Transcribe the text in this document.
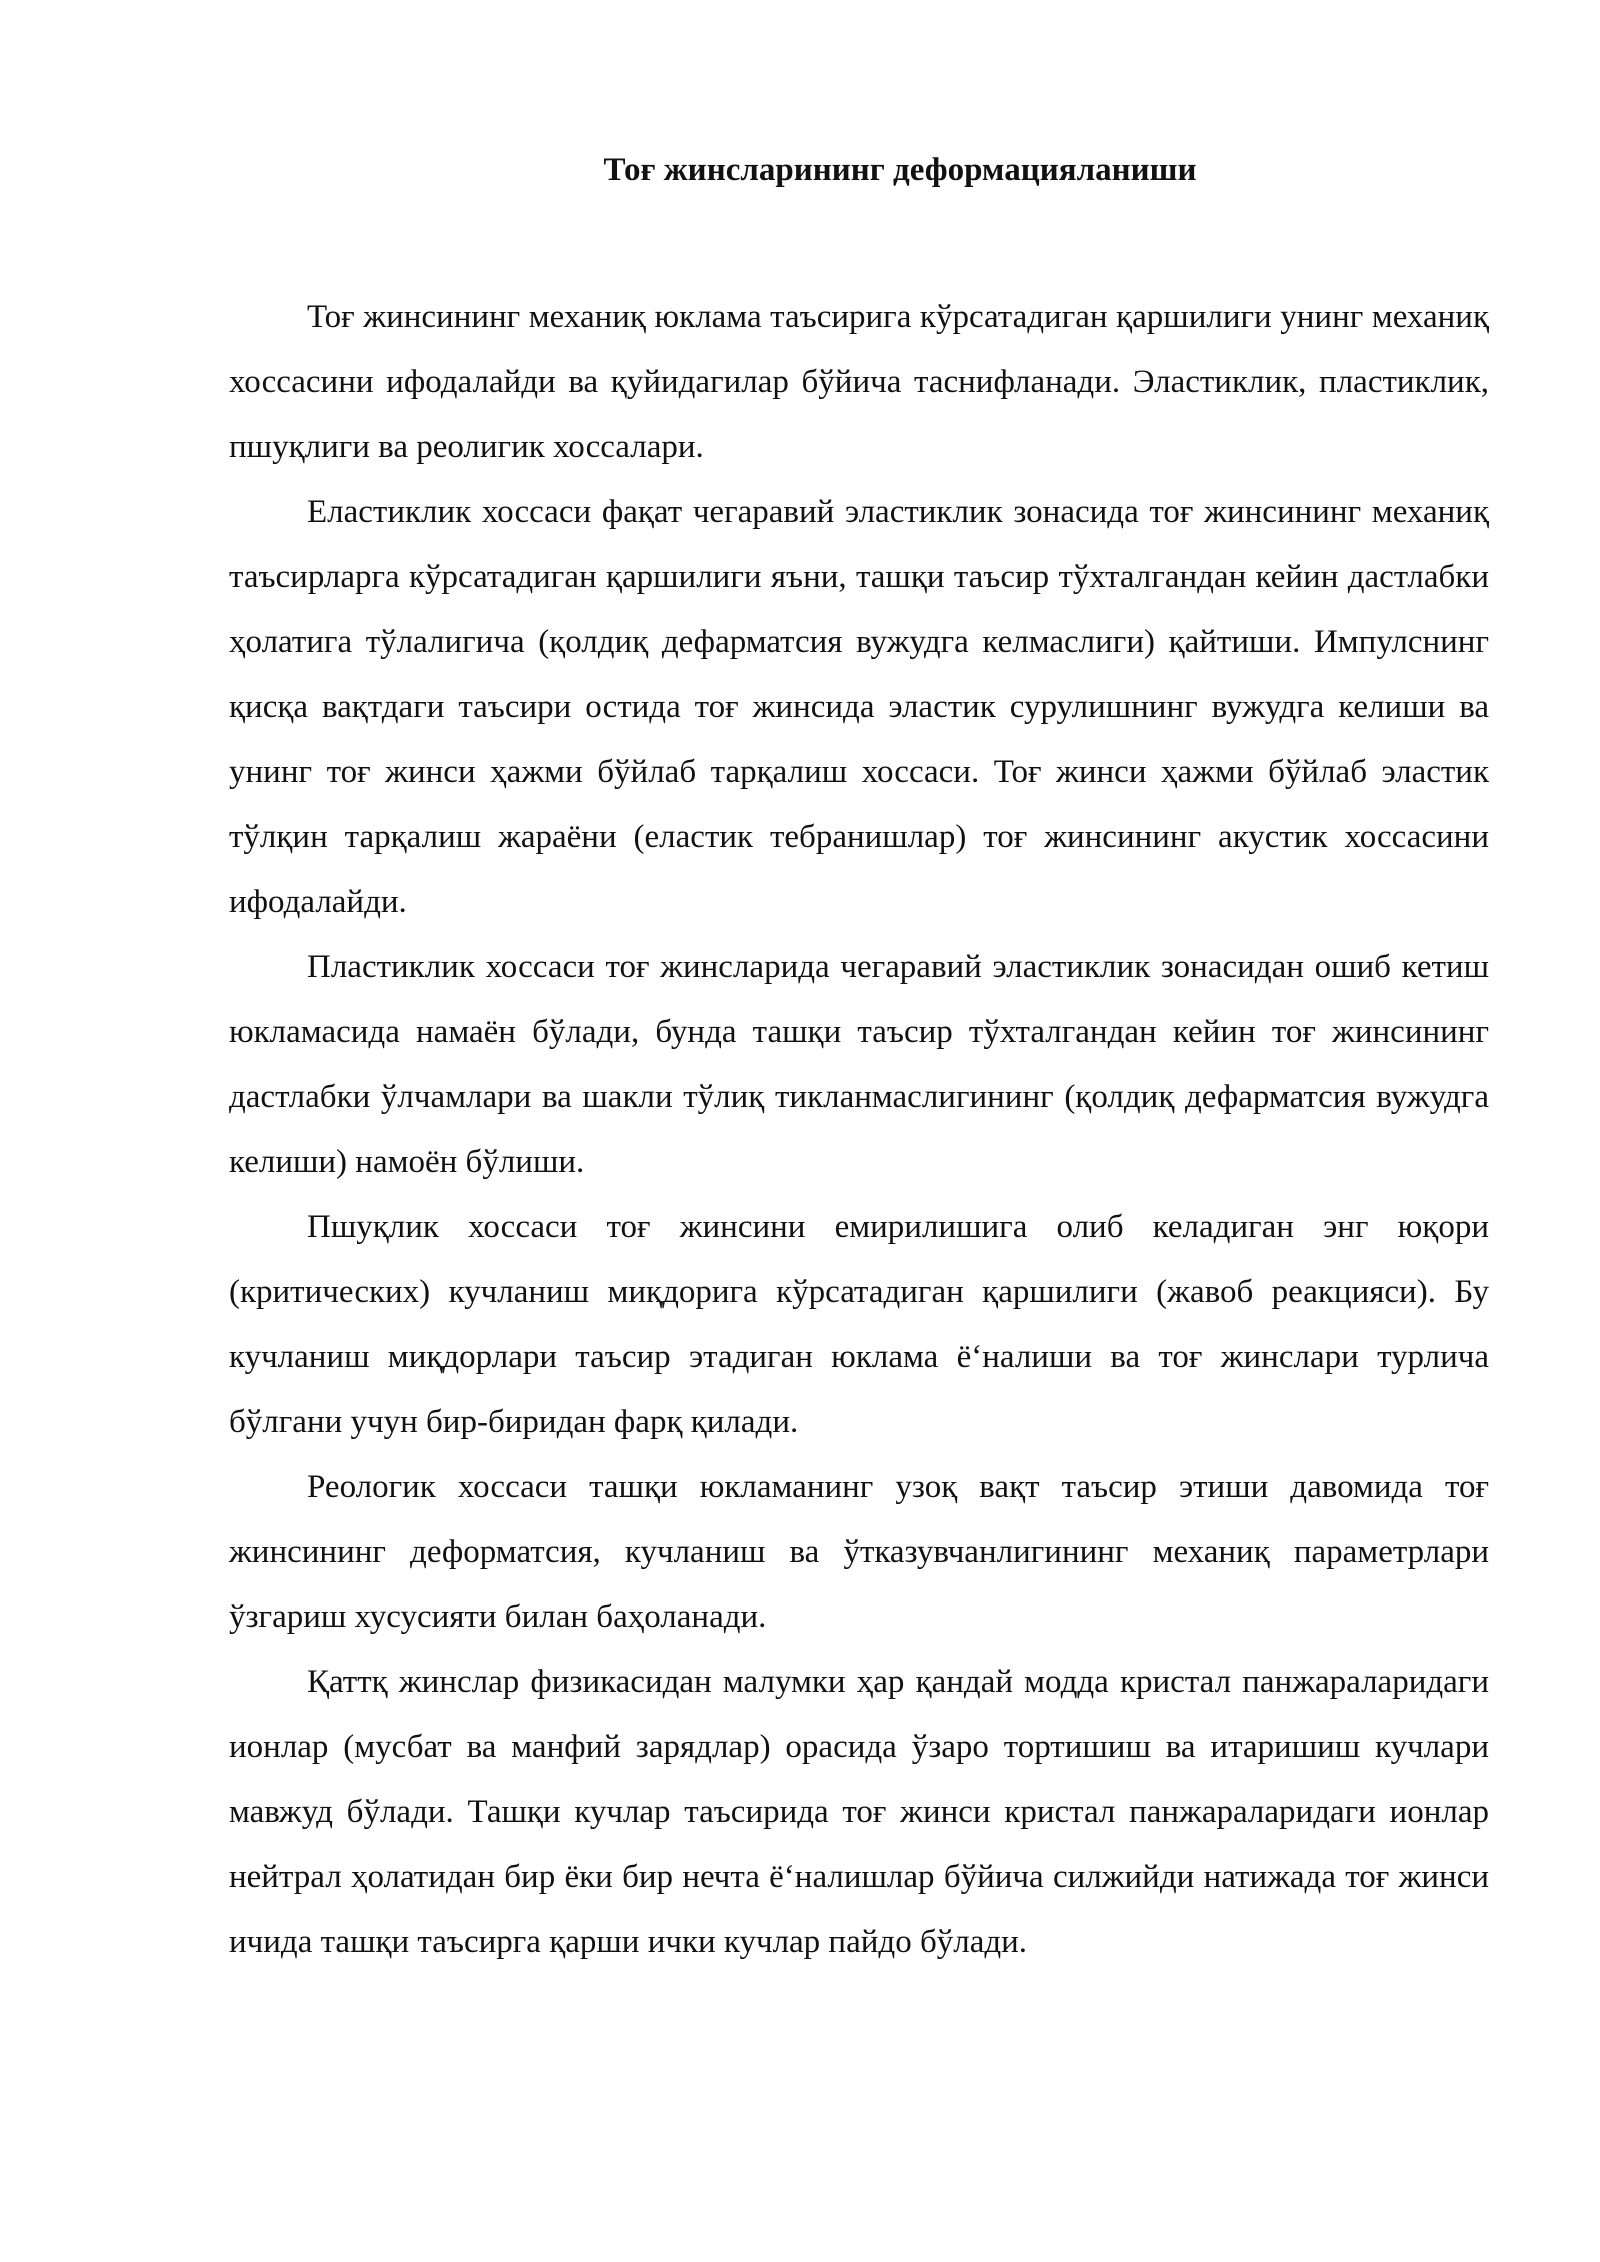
Тоғ жинсларининг деформацияланиши

Тоғ жинсининг механиқ юклама таъсирига кўрсатадиган қаршилиги унинг механиқ хоссасини ифодалайди ва қуйидагилар бўйича таснифланади. Эластиклик, пластиклик, пшуқлиги ва реолигик хоссалари.

Еластиклик хоссаси фақат чегаравий эластиклик зонасида тоғ жинсининг механиқ таъсирларга кўрсатадиган қаршилиги яъни, ташқи таъсир тўхталгандан кейин дастлабки ҳолатига тўлалигича (қолдиқ дефарматсия вужудга келмаслиги) қайтиши. Импулснинг қисқа вақтдаги таъсири остида тоғ жинсида эластик сурулишнинг вужудга келиши ва унинг тоғ жинси ҳажми бўйлаб тарқалиш хоссаси. Тоғ жинси ҳажми бўйлаб эластик тўлқин тарқалиш жараёни (еластик тебранишлар) тоғ жинсининг акустик хоссасини ифодалайди.

Пластиклик хоссаси тоғ жинсларида чегаравий эластиклик зонасидан ошиб кетиш юкламасида намаён бўлади, бунда ташқи таъсир тўхталгандан кейин тоғ жинсининг дастлабки ўлчамлари ва шакли тўлиқ тикланмаслигининг (қолдиқ дефарматсия вужудга келиши) намоён бўлиши.

Пшуқлик хоссаси тоғ жинсини емирилишига олиб келадиган энг юқори (критических) кучланиш миқдорига кўрсатадиган қаршилиги (жавоб реакцияси). Бу кучланиш миқдорлари таъсир этадиган юклама ё‘налиши ва тоғ жинслари турлича бўлгани учун бир-биридан фарқ қилади.

Реологик хоссаси ташқи юкламанинг узоқ вақт таъсир этиши давомида тоғ жинсининг деформатсия, кучланиш ва ўтказувчанлигининг механиқ параметрлари ўзгариш хусусияти билан баҳоланади.

Қаттқ жинслар физикасидан малумки ҳар қандай модда кристал панжараларидаги ионлар (мусбат ва манфий зарядлар) орасида ўзаро тортишиш ва итаришиш кучлари мавжуд бўлади. Ташқи кучлар таъсирида тоғ жинси кристал панжараларидаги ионлар нейтрал ҳолатидан бир ёки бир нечта ё‘налишлар бўйича силжийди натижада тоғ жинси ичида ташқи таъсирга қарши ички кучлар пайдо бўлади.
